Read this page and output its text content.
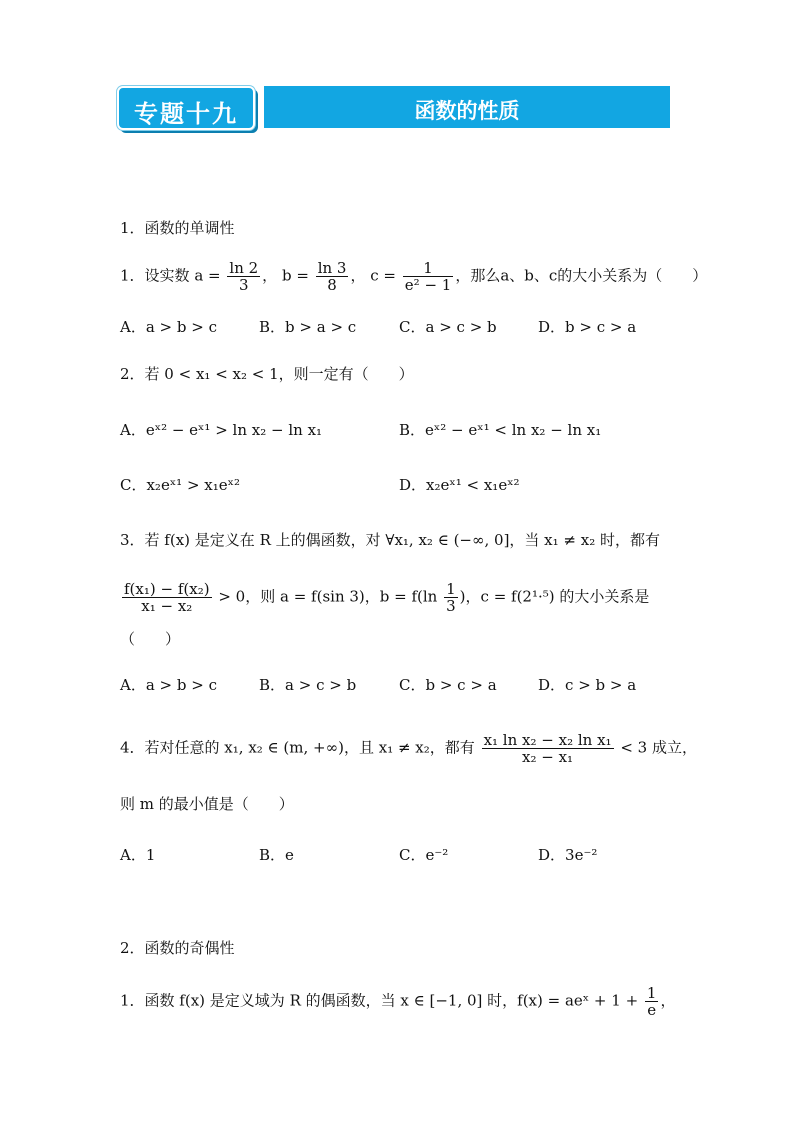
专题十九	函数的性质
1．函数的单调性
1．设实数 $a = \frac{\ln 2}{3}$ ， $b = \frac{\ln 3}{8}$ ， $c = \frac{1}{\text{e² − 1}}$ ，那么a、b、c的大小关系为（　　）
A．a > b > c	B．b > a > c	C．a > c > b	D．b > c > a
2．若 0 < x₁ < x₂ < 1，则一定有（　　）
A．eˣ² − eˣ¹ > ln x₂ − ln x₁	B．eˣ² − eˣ¹ < ln x₂ − ln x₁
C．x₂eˣ¹ > x₁eˣ²	D．x₂eˣ¹ < x₁eˣ²
3．若 f(x) 是定义在 R 上的偶函数，对 ∀x₁, x₂ ∈ (−∞, 0]，当 x₁ ≠ x₂ 时，都有
$\frac{\text{f(x₁) − f(x₂)}}{\text{x₁ − x₂}} > 0$，则 a = f(sin 3)，$b = f(\ln \frac{1}{3}$ )，c = f(2¹·⁵) 的大小关系是
（　　）
A．a > b > c	B．a > c > b	C．b > c > a	D．c > b > a
4．若对任意的 x₁, x₂ ∈ (m, +∞)，且 x₁ ≠ x₂，都有 $\frac{\text{x₁ ln x₂ − x₂ ln x₁}}{\text{x₂ − x₁}} < 3$ 成立，
则 m 的最小值是（　　）
A．1	B．e	C．e⁻²	D．3e⁻²
2．函数的奇偶性
1．函数 f(x) 是定义域为 R 的偶函数，当 x ∈ [−1, 0] 时，f(x) = aeˣ + $1 + \frac{1}{e}$ ，
